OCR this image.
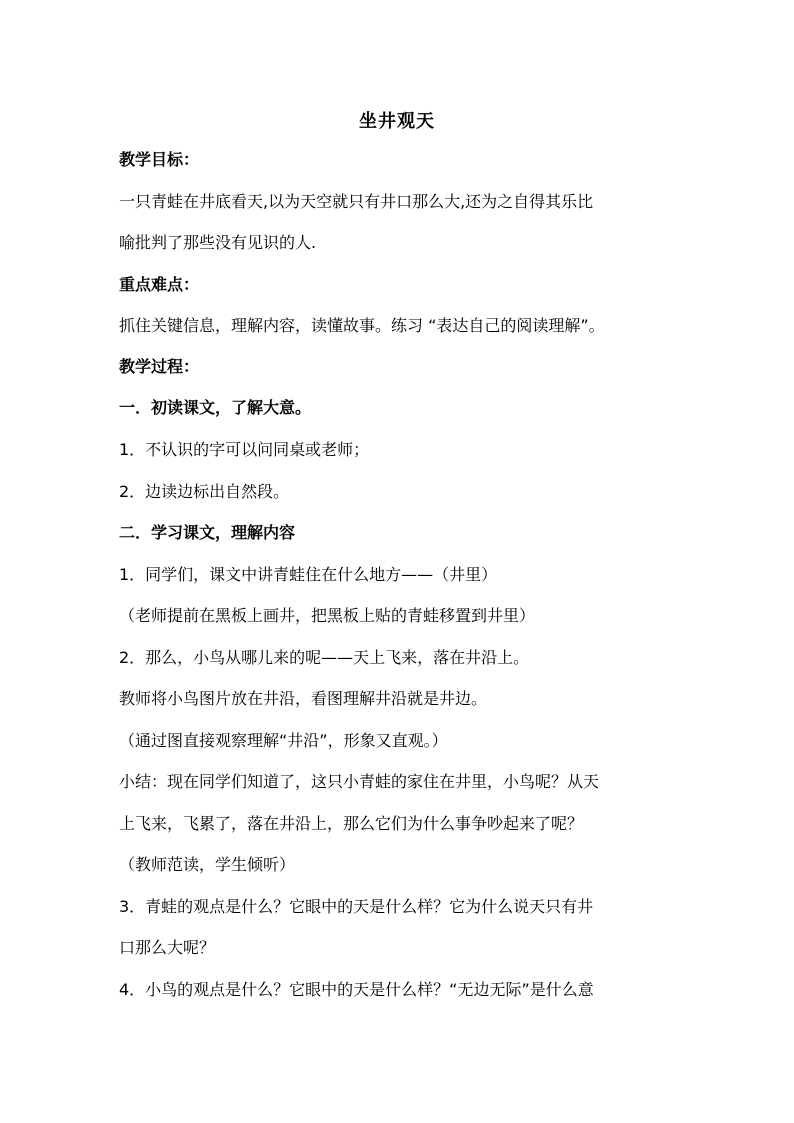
坐井观天
教学目标：
一只青蛙在井底看天,以为天空就只有井口那么大,还为之自得其乐比
喻批判了那些没有见识的人.
重点难点：
抓住关键信息，理解内容，读懂故事。练习 “表达自己的阅读理解”。
教学过程：
一．初读课文，了解大意。
1．不认识的字可以问同桌或老师；
2．边读边标出自然段。
二．学习课文，理解内容
1．同学们，课文中讲青蛙住在什么地方——（井里）
（老师提前在黑板上画井，把黑板上贴的青蛙移置到井里）
2．那么，小鸟从哪儿来的呢——天上飞来，落在井沿上。
教师将小鸟图片放在井沿，看图理解井沿就是井边。
（通过图直接观察理解“井沿”，形象又直观。）
小结：现在同学们知道了，这只小青蛙的家住在井里，小鸟呢？从天
上飞来，飞累了，落在井沿上，那么它们为什么事争吵起来了呢？
（教师范读，学生倾听）
3．青蛙的观点是什么？它眼中的天是什么样？它为什么说天只有井
口那么大呢？
4．小鸟的观点是什么？它眼中的天是什么样？“无边无际”是什么意
